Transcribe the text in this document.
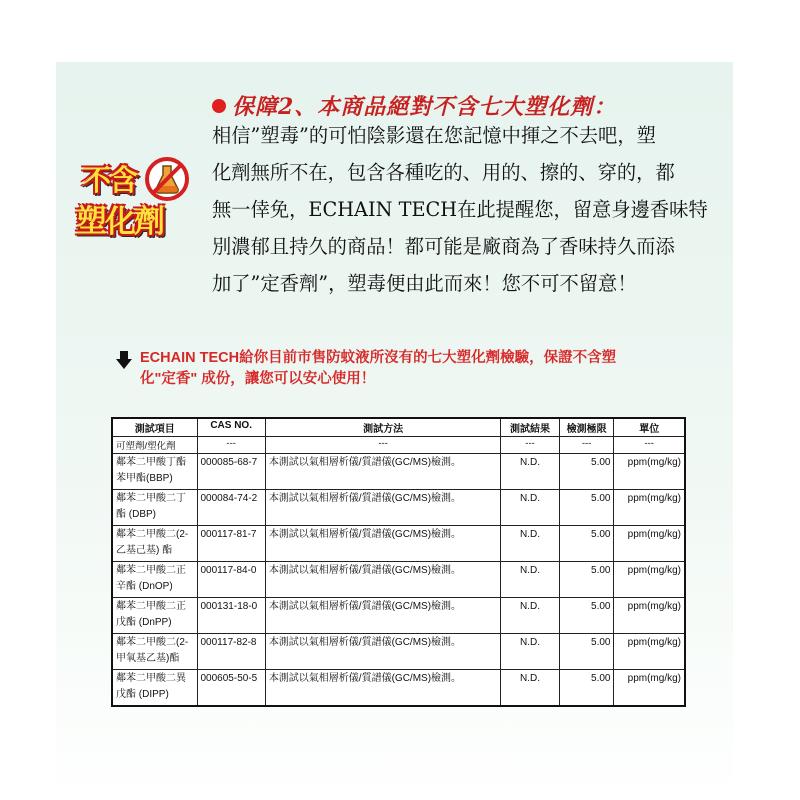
不含
塑化劑
保障2、本商品絕對不含七大塑化劑：
相信”塑毒”的可怕陰影還在您記憶中揮之不去吧，塑
化劑無所不在，包含各種吃的、用的、擦的、穿的，都
無一倖免，ECHAIN TECH在此提醒您，留意身邊香味特
別濃郁且持久的商品！都可能是廠商為了香味持久而添
加了”定香劑”，塑毒便由此而來！您不可不留意！
ECHAIN TECH給你目前市售防蚊液所沒有的七大塑化劑檢驗，保證不含塑
化"定香" 成份，讓您可以安心使用！
測試項目	CAS NO.	測試方法	測試結果	檢測極限	單位
可塑劑/塑化劑	---	---	---	---	---

鄰苯二甲酸丁酯
苯甲酯(BBP)	000085-68-7	本測試以氣相層析儀/質譜儀(GC/MS)檢測。	N.D.	5.00	ppm(mg/kg)

鄰苯二甲酸二丁
酯 (DBP)	000084-74-2	本測試以氣相層析儀/質譜儀(GC/MS)檢測。	N.D.	5.00	ppm(mg/kg)

鄰苯二甲酸二(2-
乙基己基) 酯	000117-81-7	本測試以氣相層析儀/質譜儀(GC/MS)檢測。	N.D.	5.00	ppm(mg/kg)

鄰苯二甲酸二正
辛酯 (DnOP)	000117-84-0	本測試以氣相層析儀/質譜儀(GC/MS)檢測。	N.D.	5.00	ppm(mg/kg)

鄰苯二甲酸二正
戊酯 (DnPP)	000131-18-0	本測試以氣相層析儀/質譜儀(GC/MS)檢測。	N.D.	5.00	ppm(mg/kg)

鄰苯二甲酸二(2-
甲氧基乙基)酯	000117-82-8	本測試以氣相層析儀/質譜儀(GC/MS)檢測。	N.D.	5.00	ppm(mg/kg)

鄰苯二甲酸二異
戊酯 (DIPP)	000605-50-5	本測試以氣相層析儀/質譜儀(GC/MS)檢測。	N.D.	5.00	ppm(mg/kg)
